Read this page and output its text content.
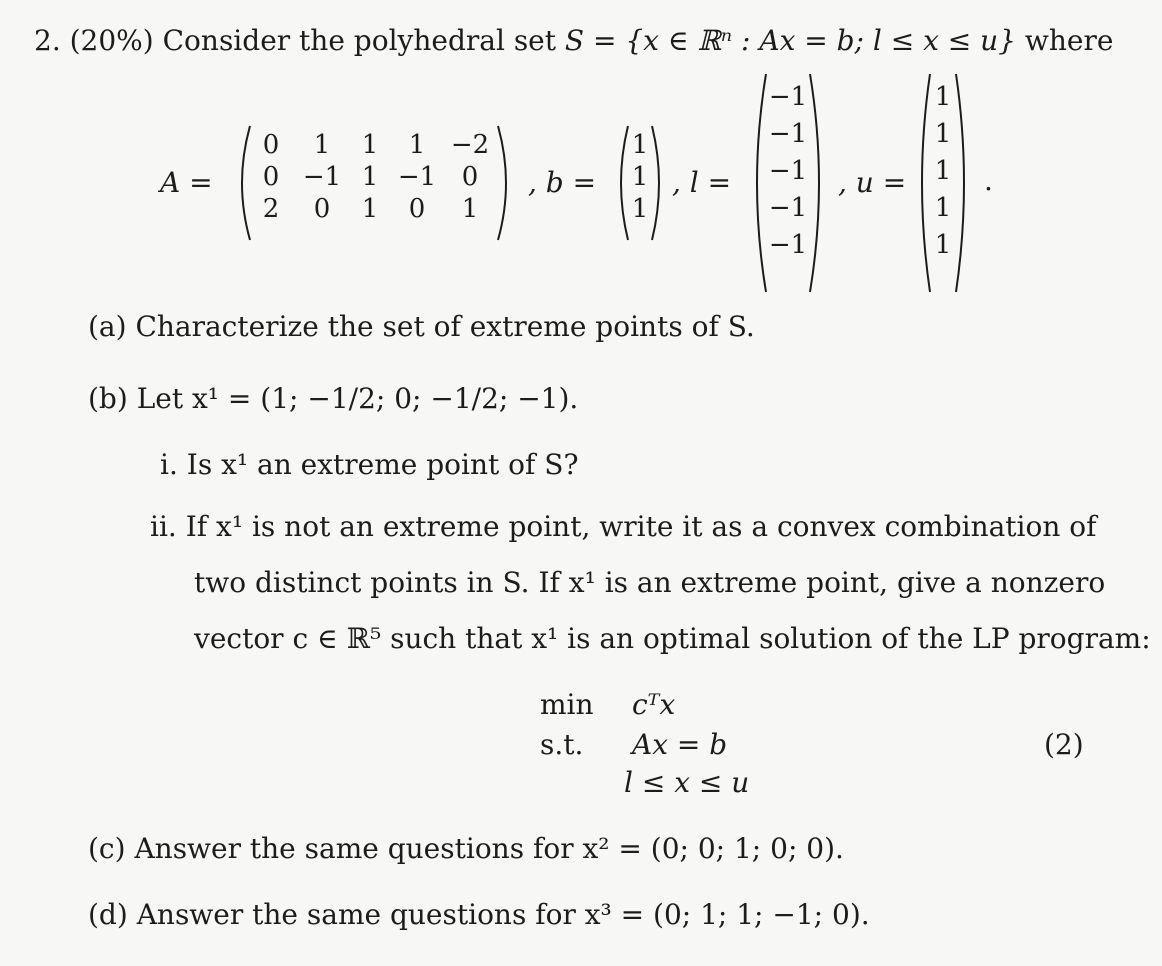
2. (20%) Consider the polyhedral set S = {x ∈ ℝⁿ : Ax = b; l ≤ x ≤ u} where
A =
0	1	1	1 −2
0 −1 1 −1 0
2	0	1	0	1
, b =
1
1
1
, l =
−1
−1
−1
−1
−1
, u =
1
1
1
1
1
.
(a) Characterize the set of extreme points of S.
(b) Let x¹ = (1; −1/2; 0; −1/2; −1).
i. Is x¹ an extreme point of S?
ii. If x¹ is not an extreme point, write it as a convex combination of
two distinct points in S. If x¹ is an extreme point, give a nonzero
vector c ∈ ℝ⁵ such that x¹ is an optimal solution of the LP program:
min cᵀx
s.t. Ax = b
l ≤ x ≤ u
(2)
(c) Answer the same questions for x² = (0; 0; 1; 0; 0).
(d) Answer the same questions for x³ = (0; 1; 1; −1; 0).
